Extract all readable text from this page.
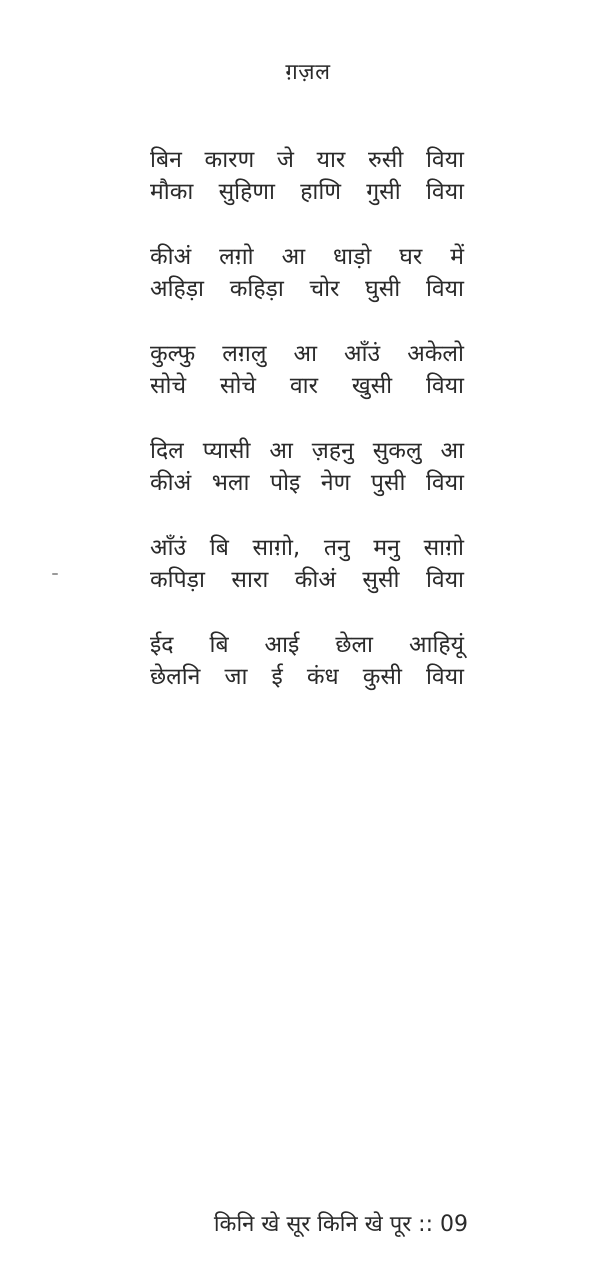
ग़ज़ल
बिन कारण जे यार रुसी विया
मौका सुहिणा हाणि गुसी विया
कीअं लग़ो आ धाड़ो घर में
अहिड़ा कहिड़ा चोर घुसी विया
कुल्फु लग़लु आ आँउं अकेलो
सोचे सोचे वार खुसी विया
दिल प्यासी आ ज़हनु सुकलु आ
कीअं भला पोइ नेण पुसी विया
आँउं बि साग़ो, तनु मनु साग़ो
कपिड़ा सारा कीअं सुसी विया
ईद बि आई छेला आहियूं
छेलनि जा ई कंध कुसी विया
किनि खे सूर किनि खे पूर :: 09
